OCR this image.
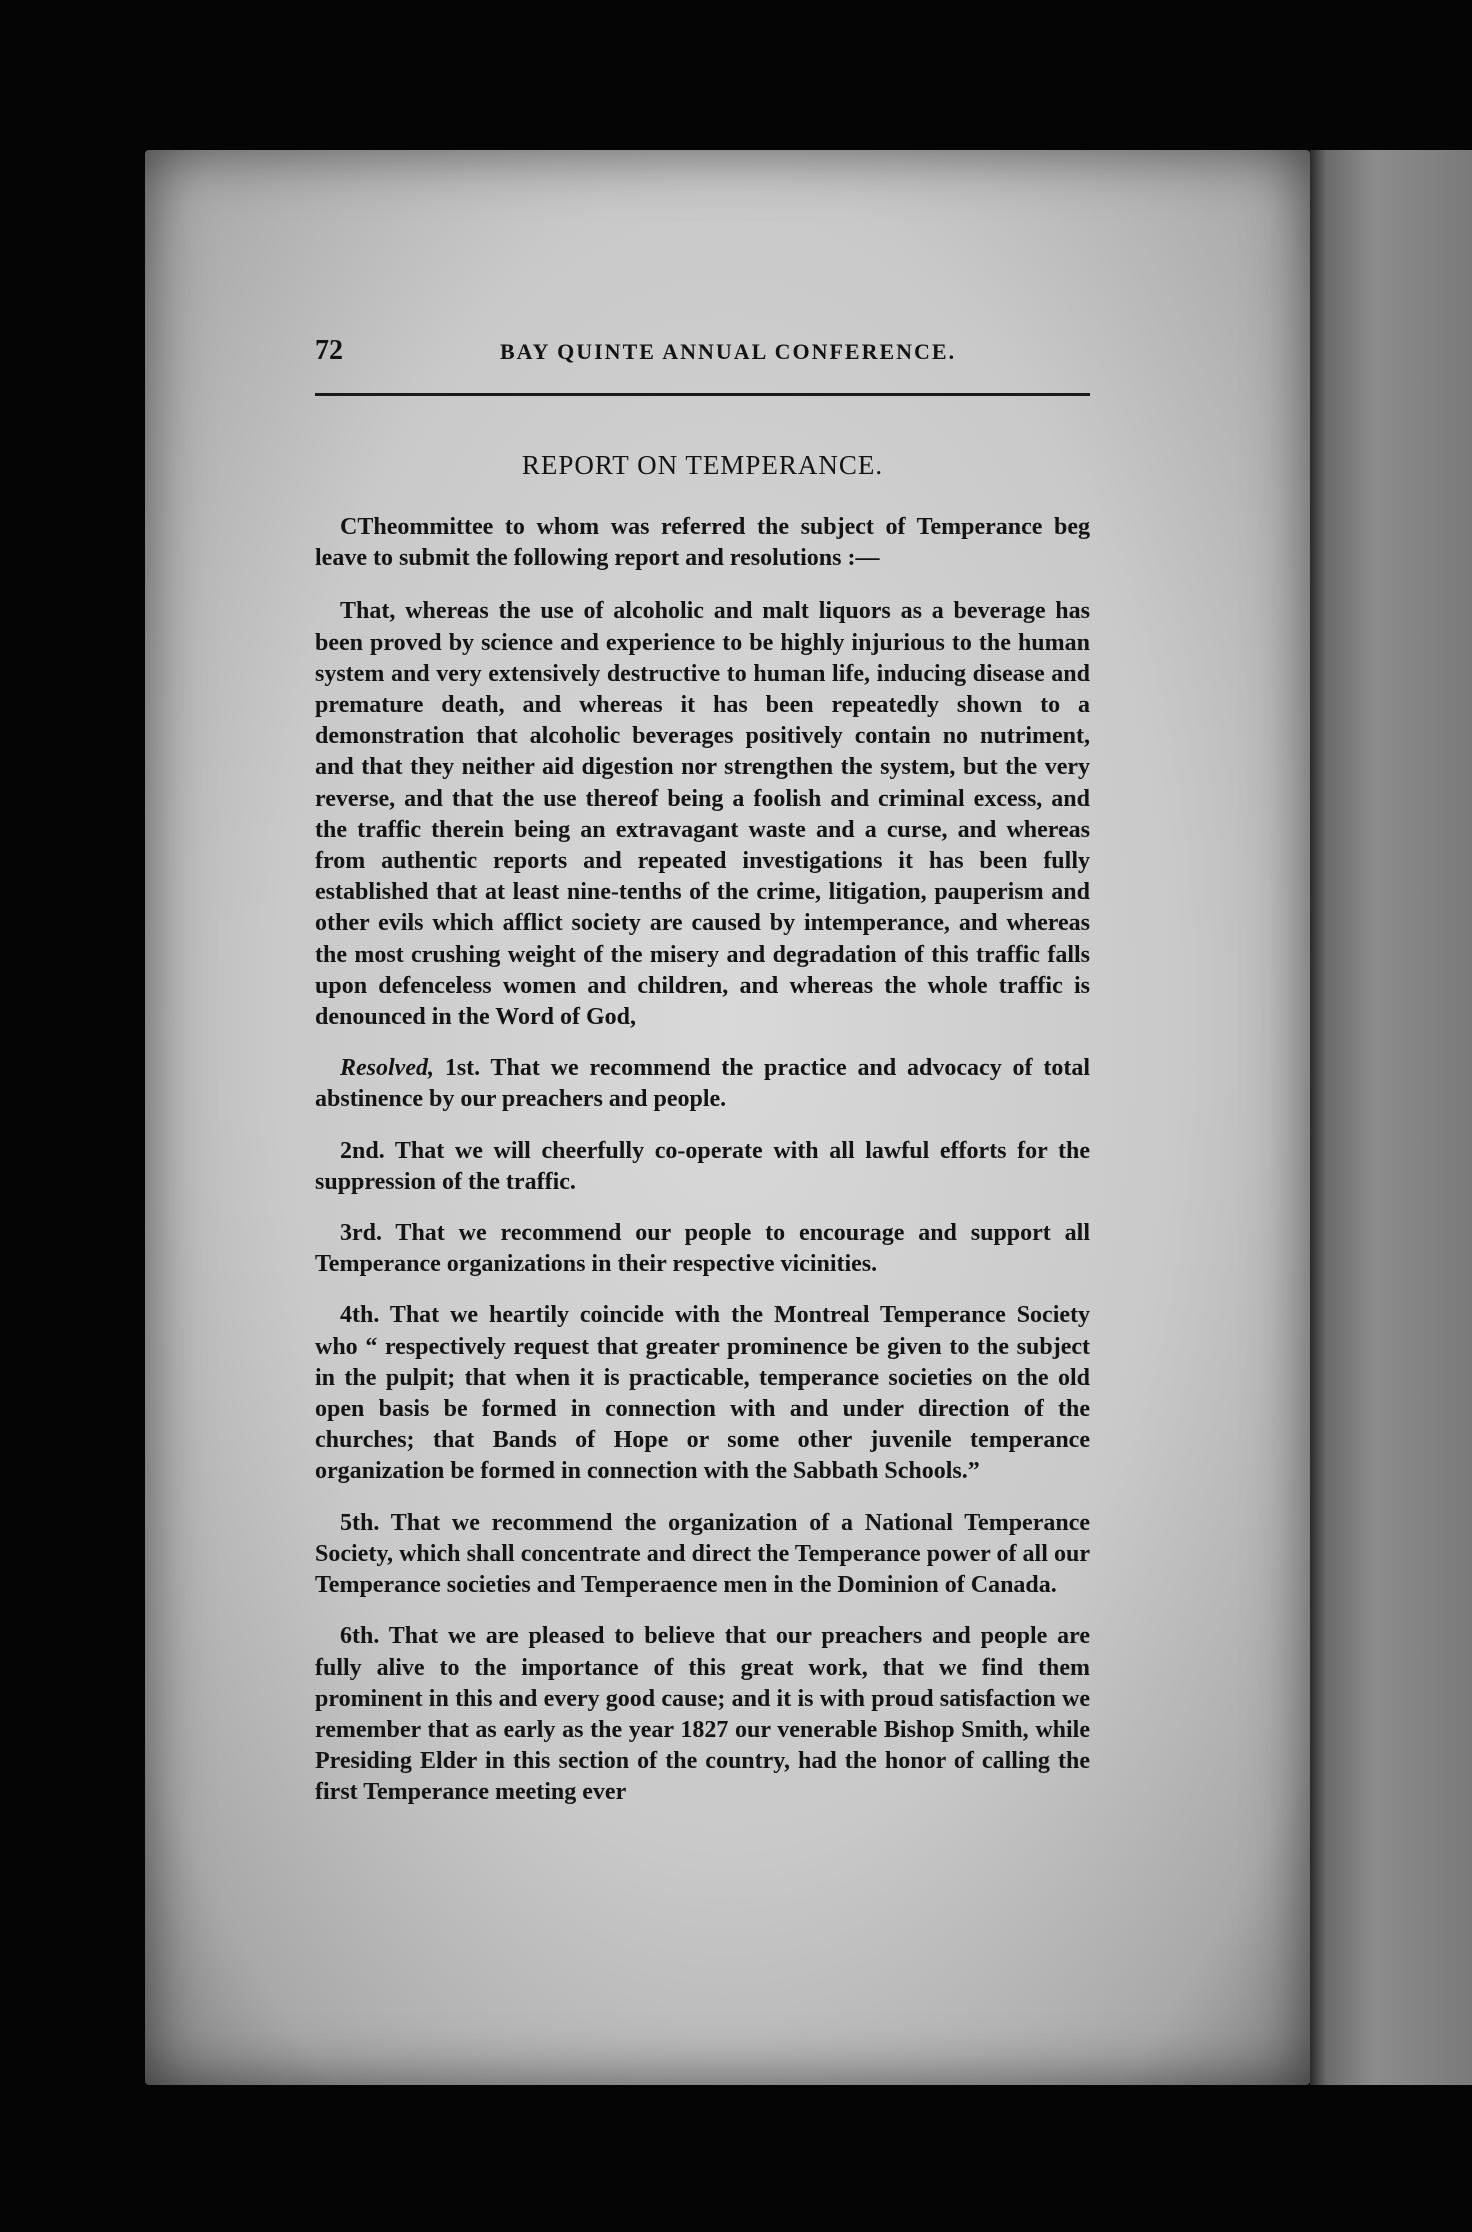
72	BAY QUINTE ANNUAL CONFERENCE.
REPORT ON TEMPERANCE.

CTheommittee to whom was referred the subject of Temperance beg leave to submit the following report and resolutions :—

That, whereas the use of alcoholic and malt liquors as a beverage has been proved by science and experience to be highly injurious to the human system and very extensively destructive to human life, inducing disease and premature death, and whereas it has been repeatedly shown to a demonstration that alcoholic beverages positively contain no nutriment, and that they neither aid digestion nor strengthen the system, but the very reverse, and that the use thereof being a foolish and criminal excess, and the traffic therein being an extravagant waste and a curse, and whereas from authentic reports and repeated investigations it has been fully established that at least nine-tenths of the crime, litigation, pauperism and other evils which afflict society are caused by intemperance, and whereas the most crushing weight of the misery and degradation of this traffic falls upon defenceless women and children, and whereas the whole traffic is denounced in the Word of God,

Resolved, 1st. That we recommend the practice and advocacy of total abstinence by our preachers and people.

2nd. That we will cheerfully co-operate with all lawful efforts for the suppression of the traffic.

3rd. That we recommend our people to encourage and support all Temperance organizations in their respective vicinities.

4th. That we heartily coincide with the Montreal Temperance Society who “ respectively request that greater prominence be given to the subject in the pulpit; that when it is practicable, temperance societies on the old open basis be formed in connection with and under direction of the churches; that Bands of Hope or some other juvenile temperance organization be formed in connection with the Sabbath Schools.”

5th. That we recommend the organization of a National Temperance Society, which shall concentrate and direct the Temperance power of all our Temperance societies and Temperaence men in the Dominion of Canada.

6th. That we are pleased to believe that our preachers and people are fully alive to the importance of this great work, that we find them prominent in this and every good cause; and it is with proud satisfaction we remember that as early as the year 1827 our venerable Bishop Smith, while Presiding Elder in this section of the country, had the honor of calling the first Temperance meeting ever
